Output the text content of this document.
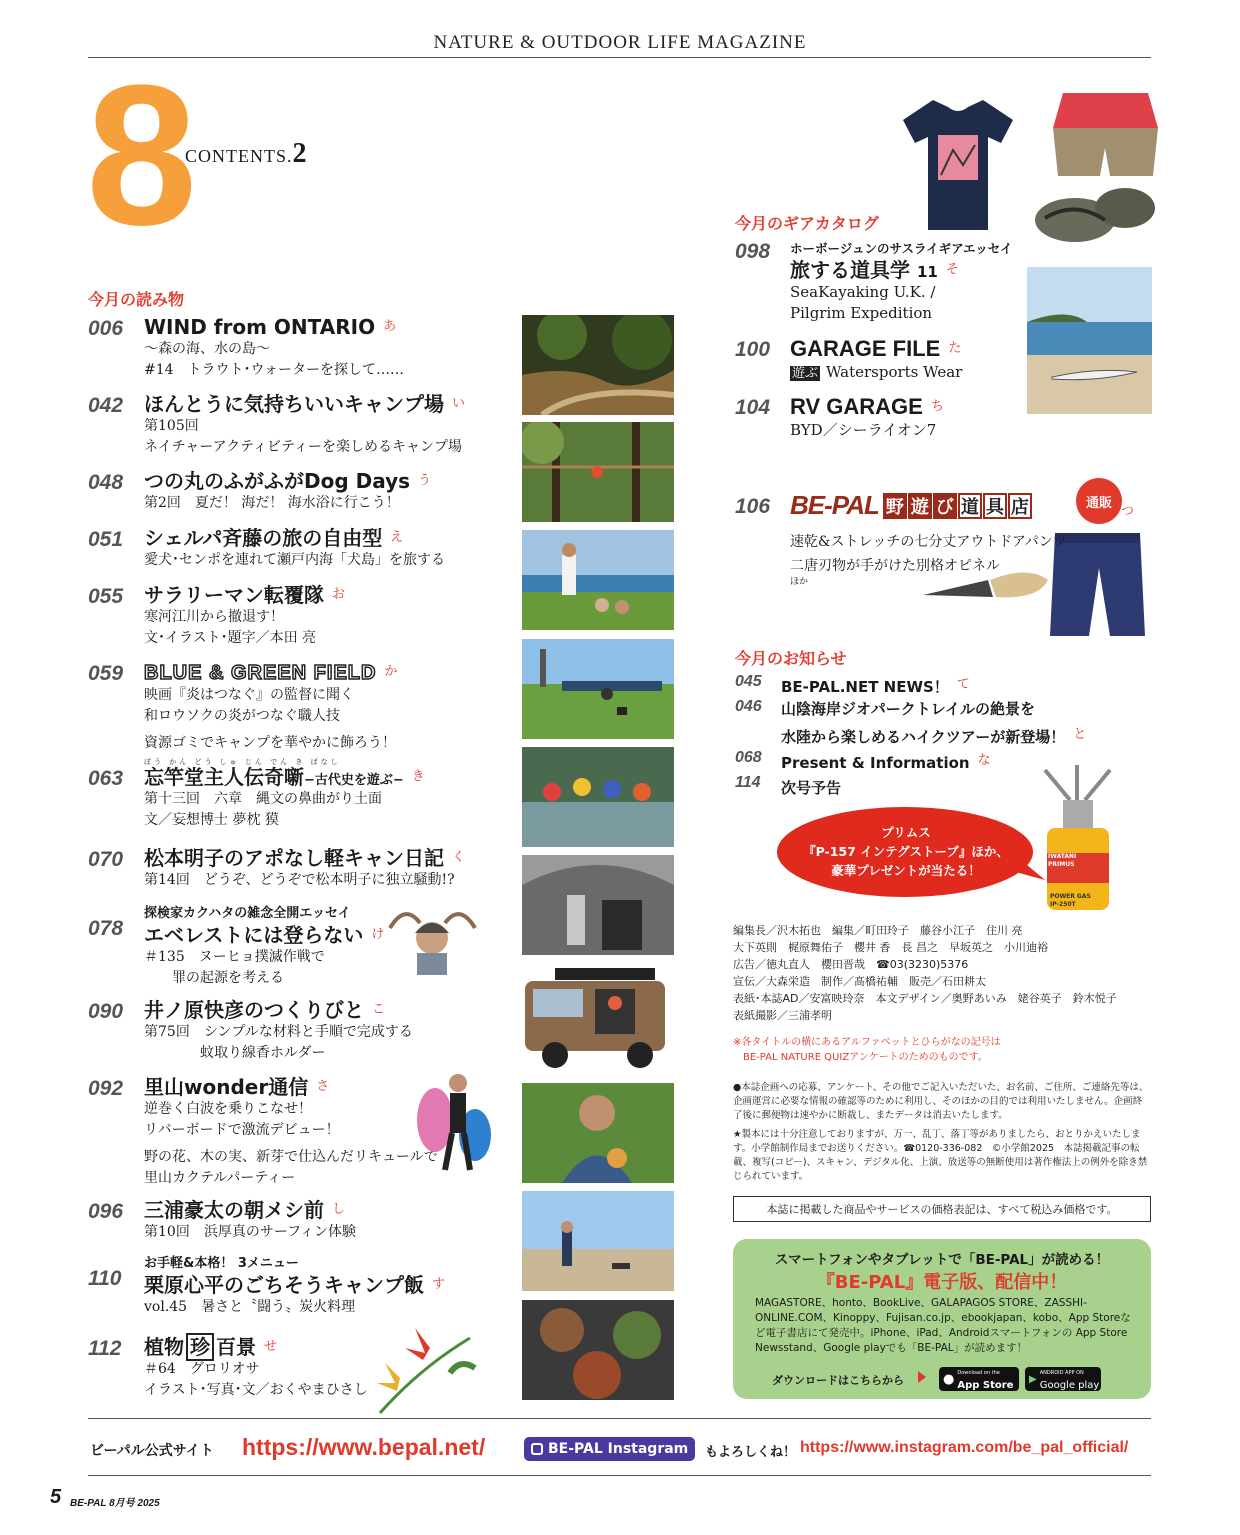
NATURE & OUTDOOR LIFE MAGAZINE
8
CONTENTS.2
今月の読み物
006 WIND from ONTARIO $^あ$
〜森の海、水の島〜
#14　トラウト･ウォーターを探して……
042 ほんとうに気持ちいいキャンプ場 $^い$
第105回
ネイチャーアクティビティーを楽しめるキャンプ場
048 つの丸のふがふがDog Days $^う$
第2回　夏だ！ 海だ！ 海水浴に行こう！
051 シェルパ斉藤の旅の自由型 $^え$
愛犬･センポを連れて瀬戸内海「犬島」を旅する
055 サラリーマン転覆隊 $^お$
寒河江川から撤退す！
文･イラスト･題字／本田 亮
059 BLUE & GREEN FIELD $^か$
映画『炎はつなぐ』の監督に聞く
和ロウソクの炎がつなぐ職人技
資源ゴミでキャンプを華やかに飾ろう！
063
ぼう かん どう しゅ じん でん き ばなし
忘竿堂主人伝奇噺−古代史を遊ぶ− $^き$
第十三回　六章　縄文の鼻曲がり土面
文／妄想博士 夢枕 獏
070 松本明子のアポなし軽キャン日記 $^く$
第14回　どうぞ、どうぞで松本明子に独立騒動!?
078
探検家カクハタの雑念全開エッセイ
エベレストには登らない $^け$
＃135　ヌーヒョ撲滅作戦で
　　罪の起源を考える
090 井ノ原快彦のつくりびと $^こ$
第75回　シンプルな材料と手順で完成する
　　　　蚊取り線香ホルダー
092 里山wonder通信 $^さ$
逆巻く白波を乗りこなせ！
リバーボードで激流デビュー！
野の花、木の実、新芽で仕込んだリキュールで
里山カクテルパーティー
096 三浦豪太の朝メシ前 $^し$
第10回　浜厚真のサーフィン体験
110
お手軽&本格！ 3メニュー
栗原心平のごちそうキャンプ飯 $^す$
vol.45　暑さと〝闘う〟炭火料理
112 植物 珍 百景 $^せ$
＃64　グロリオサ
イラスト･写真･文／おくやまひさし
今月のギアカタログ
098 ホーボージュンのサスライギアエッセイ
旅する道具学 11 $^そ$
SeaKayaking U.K. /
Pilgrim Expedition
100 GARAGE FILE た
遊ぶ Watersports Wear
104 RV GARAGE ち
BYD／シーライオン7
106 BE-PAL 野 遊 び 道 具 店	通販
つ
速乾&ストレッチの七分丈アウトドアパンツ
二唐刃物が手がけた別格オピネル
ほか
今月のお知らせ
045 BE-PAL.NET NEWS！ て
046 山陰海岸ジオパークトレイルの絶景を
水陸から楽しめるハイクツアーが新登場！ と
068 Present & Information な
114 次号予告
IWATANI
PRIMUS
POWER GAS
IP-250T
プリムス
『P-157 インテグストーブ』ほか、
豪華プレゼントが当たる！
編集長／沢木拓也　編集／町田玲子　藤谷小江子　住川 亮
大下英則　梶原舞佑子　櫻井 香　長 昌之　早坂英之　小川迪裕
広告／徳丸直人　櫻田晋哉　☎03(3230)5376
宣伝／大森栄造　制作／髙橋祐輔　販売／石田耕太
表紙･本誌AD／安富映玲奈　本文デザイン／奥野あいみ　姥谷英子　鈴木悦子
表紙撮影／三浦孝明
※各タイトルの横にあるアルファベットとひらがなの記号は
　BE-PAL NATURE QUIZアンケートのためのものです。
●本誌企画への応募、アンケート、その他でご記入いただいた、お名前、ご住所、ご連絡先等は、企画運営に必要な情報の確認等のために利用し、そのほかの目的では利用いたしません。企画終了後に郵便物は速やかに断裁し、またデータは消去いたします。
★製本には十分注意しておりますが、万一、乱丁、落丁等がありましたら、おとりかえいたします。小学館制作局までお送りください。☎0120-336-082　©小学館2025　本誌掲載記事の転載、複写(コピー)、スキャン、デジタル化、上演、放送等の無断使用は著作権法上の例外を除き禁じられています。
本誌に掲載した商品やサービスの価格表記は、すべて税込み価格です。
スマートフォンやタブレットで「BE-PAL」が読める！
『BE-PAL』電子版、配信中！
MAGASTORE、honto、BookLive、GALAPAGOS STORE、ZASSHI-ONLINE.COM、Kinoppy、Fujisan.co.jp、ebookjapan、kobo、App Storeなど電子書店にて発売中。iPhone、iPad、Androidスマートフォンの App Store Newsstand、Google playでも「BE-PAL」が読めます！
ダウンロードはこちらから	● Download on the
App Store
▶
ANDROID APP ON
Google play
ビーパル公式サイト https://www.bepal.net/	BE-PAL Instagram もよろしくね！ https://www.instagram.com/be_pal_official/
5 BE-PAL 8月号 2025
